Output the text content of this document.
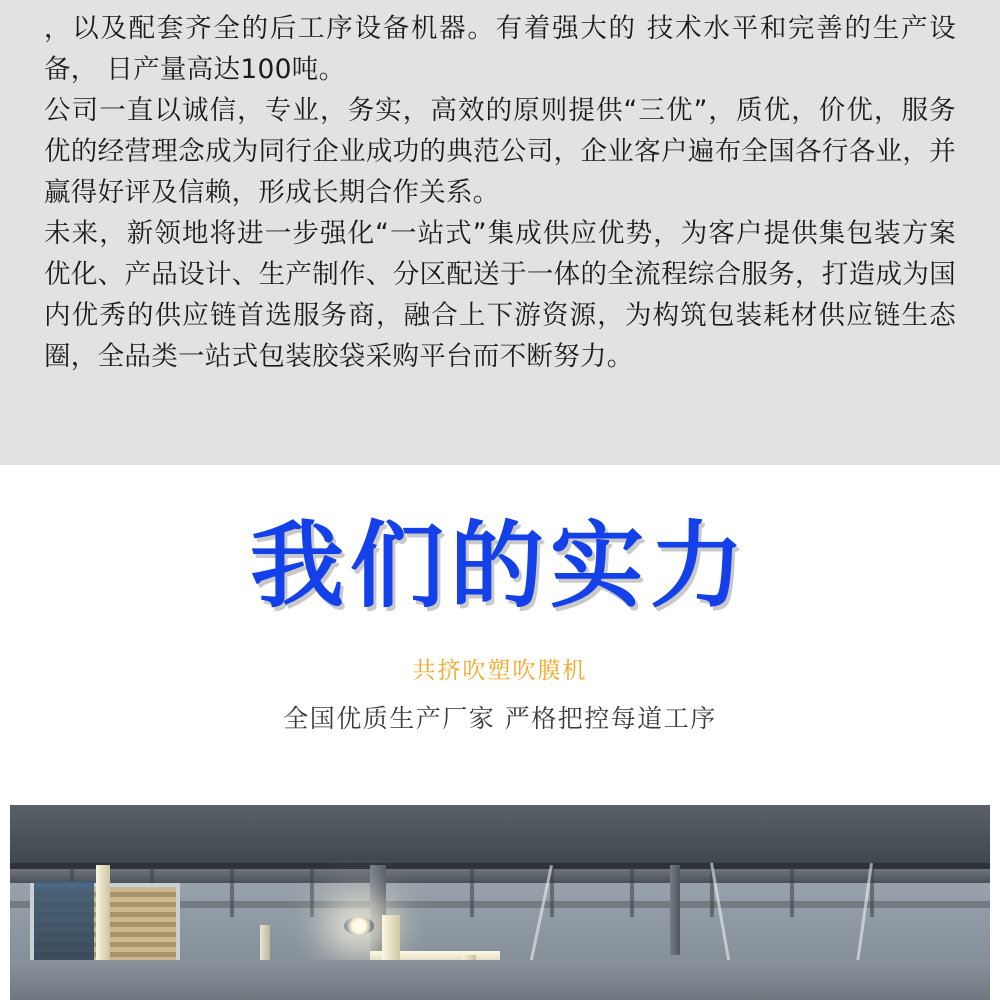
，以及配套齐全的后工序设备机器。有着强大的 技术水平和完善的生产设备， 日产量高达100吨。

公司一直以诚信，专业，务实，高效的原则提供“三优”，质优，价优，服务优的经营理念成为同行企业成功的典范公司，企业客户遍布全国各行各业，并赢得好评及信赖，形成长期合作关系。

未来，新领地将进一步强化“一站式”集成供应优势，为客户提供集包装方案优化、产品设计、生产制作、分区配送于一体的全流程综合服务，打造成为国内优秀的供应链首选服务商，融合上下游资源，为构筑包装耗材供应链生态圈，全品类一站式包装胶袋采购平台而不断努力。

我们的实力
共挤吹塑吹膜机
全国优质生产厂家 严格把控每道工序
